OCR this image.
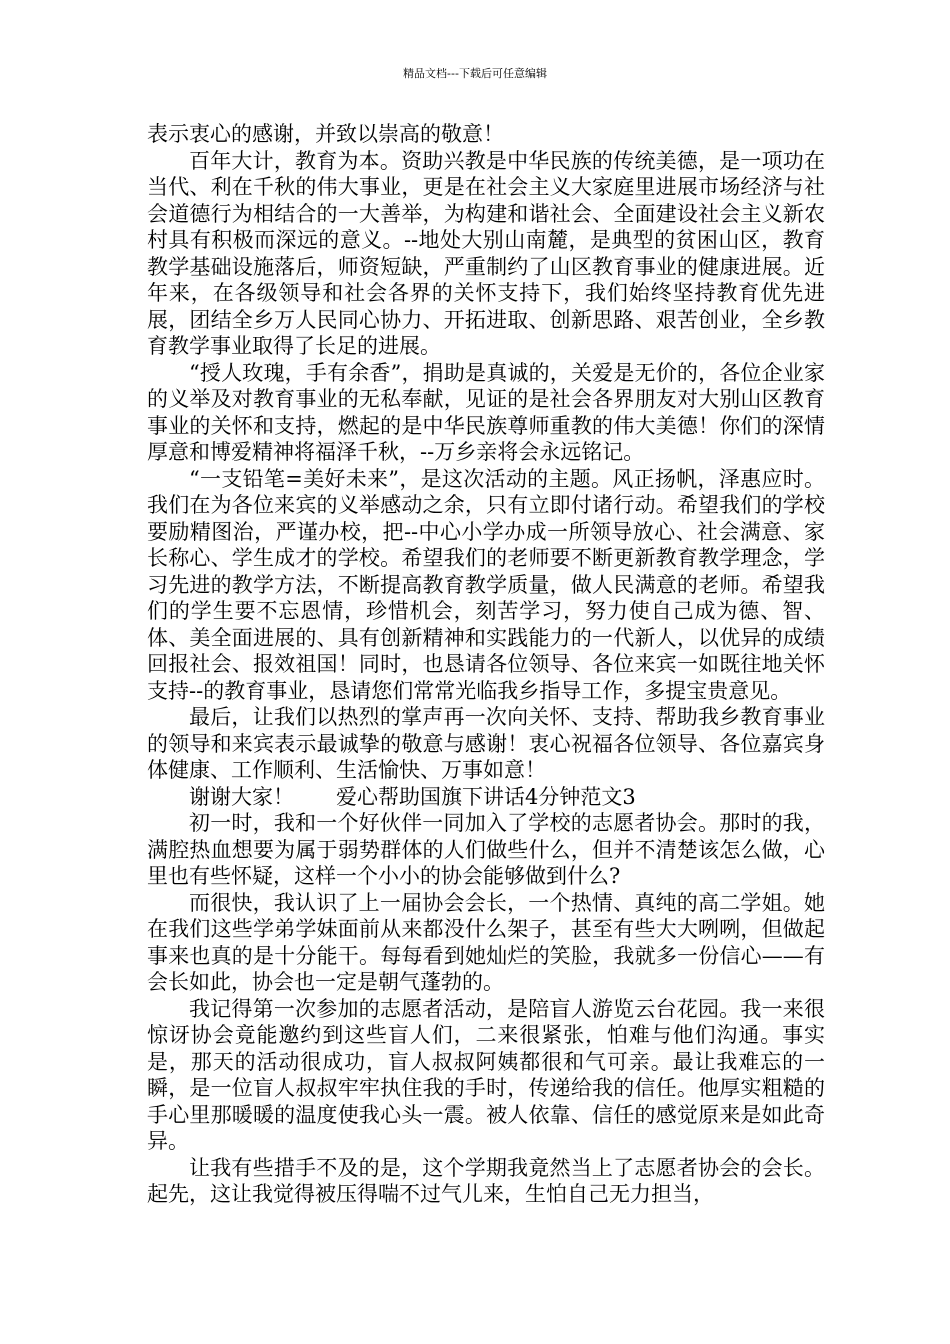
精品文档---下载后可任意编辑

表示衷心的感谢，并致以崇高的敬意！

百年大计，教育为本。资助兴教是中华民族的传统美德，是一项功在当代、利在千秋的伟大事业，更是在社会主义大家庭里进展市场经济与社会道德行为相结合的一大善举，为构建和谐社会、全面建设社会主义新农村具有积极而深远的意义。--地处大别山南麓，是典型的贫困山区，教育教学基础设施落后，师资短缺，严重制约了山区教育事业的健康进展。近年来，在各级领导和社会各界的关怀支持下，我们始终坚持教育优先进展，团结全乡万人民同心协力、开拓进取、创新思路、艰苦创业，全乡教育教学事业取得了长足的进展。

“授人玫瑰，手有余香”，捐助是真诚的，关爱是无价的，各位企业家的义举及对教育事业的无私奉献，见证的是社会各界朋友对大别山区教育事业的关怀和支持，燃起的是中华民族尊师重教的伟大美德！你们的深情厚意和博爱精神将福泽千秋，--万乡亲将会永远铭记。

“一支铅笔=美好未来”，是这次活动的主题。风正扬帆，泽惠应时。我们在为各位来宾的义举感动之余，只有立即付诸行动。希望我们的学校要励精图治，严谨办校，把--中心小学办成一所领导放心、社会满意、家长称心、学生成才的学校。希望我们的老师要不断更新教育教学理念，学习先进的教学方法，不断提高教育教学质量，做人民满意的老师。希望我们的学生要不忘恩情，珍惜机会，刻苦学习，努力使自己成为德、智、体、美全面进展的、具有创新精神和实践能力的一代新人，以优异的成绩回报社会、报效祖国！同时，也恳请各位领导、各位来宾一如既往地关怀支持--的教育事业，恳请您们常常光临我乡指导工作，多提宝贵意见。

最后，让我们以热烈的掌声再一次向关怀、支持、帮助我乡教育事业的领导和来宾表示最诚挚的敬意与感谢！衷心祝福各位领导、各位嘉宾身体健康、工作顺利、生活愉快、万事如意！

谢谢大家！ 爱心帮助国旗下讲话4分钟范文3

初一时，我和一个好伙伴一同加入了学校的志愿者协会。那时的我，满腔热血想要为属于弱势群体的人们做些什么，但并不清楚该怎么做，心里也有些怀疑，这样一个小小的协会能够做到什么?

而很快，我认识了上一届协会会长，一个热情、真纯的高二学姐。她在我们这些学弟学妹面前从来都没什么架子，甚至有些大大咧咧，但做起事来也真的是十分能干。每每看到她灿烂的笑脸，我就多一份信心——有会长如此，协会也一定是朝气蓬勃的。

我记得第一次参加的志愿者活动，是陪盲人游览云台花园。我一来很惊讶协会竟能邀约到这些盲人们，二来很紧张，怕难与他们沟通。事实是，那天的活动很成功，盲人叔叔阿姨都很和气可亲。最让我难忘的一瞬，是一位盲人叔叔牢牢执住我的手时，传递给我的信任。他厚实粗糙的手心里那暖暖的温度使我心头一震。被人依靠、信任的感觉原来是如此奇异。

让我有些措手不及的是，这个学期我竟然当上了志愿者协会的会长。起先，这让我觉得被压得喘不过气儿来，生怕自己无力担当，
